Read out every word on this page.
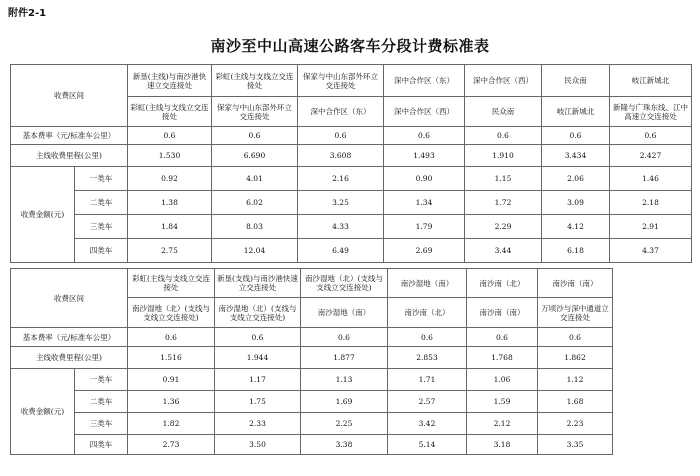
附件2-1
南沙至中山高速公路客车分段计费标准表
收费区间		新垦(主线)与南沙港快速立交连接处	彩虹(主线与支线立交连接处	保家与中山东部外环立交连接处	深中合作区（东）	深中合作区（西）	民众南	岐江新城北
		彩虹(主线与支线立交连接处	保家与中山东部外环立交连接处	深中合作区（东）	深中合作区（西）	民众南	岐江新城北	新隆与广珠东线、江中高速立交连接处
基本费率（元/标准车公里）		0.6	0.6	0.6	0.6	0.6	0.6	0.6
主线收费里程(公里)		1.530	6.690	3.608	1.493	1.910	3.434	2.427
收费金额(元)	一类车	0.92	4.01	2.16	0.90	1.15	2.06	1.46
	二类车	1.38	6.02	3.25	1.34	1.72	3.09	2.18
	三类车	1.84	8.03	4.33	1.79	2.29	4.12	2.91
	四类车	2.75	12.04	6.49	2.69	3.44	6.18	4.37
收费区间		彩虹(主线与支线立交连接处	新垦(支线)与南沙港快速立交连接处	南沙湿地（北）(支线与支线立交连接处)	南沙湿地（南）	南沙南（北）	南沙南（南）
		南沙湿地（北）(支线与支线立交连接处)	南沙湿地（北）(支线与支线立交连接处)	南沙湿地（南）	南沙南（北）	南沙南（南）	万顷沙与深中通道立交连接处
基本费率（元/标准车公里）		0.6	0.6	0.6	0.6	0.6	0.6
主线收费里程(公里)		1.516	1.944	1.877	2.853	1.768	1.862
收费金额(元)	一类车	0.91	1.17	1.13	1.71	1.06	1.12
	二类车	1.36	1.75	1.69	2.57	1.59	1.68
	三类车	1.82	2.33	2.25	3.42	2.12	2.23
	四类车	2.73	3.50	3.38	5.14	3.18	3.35
